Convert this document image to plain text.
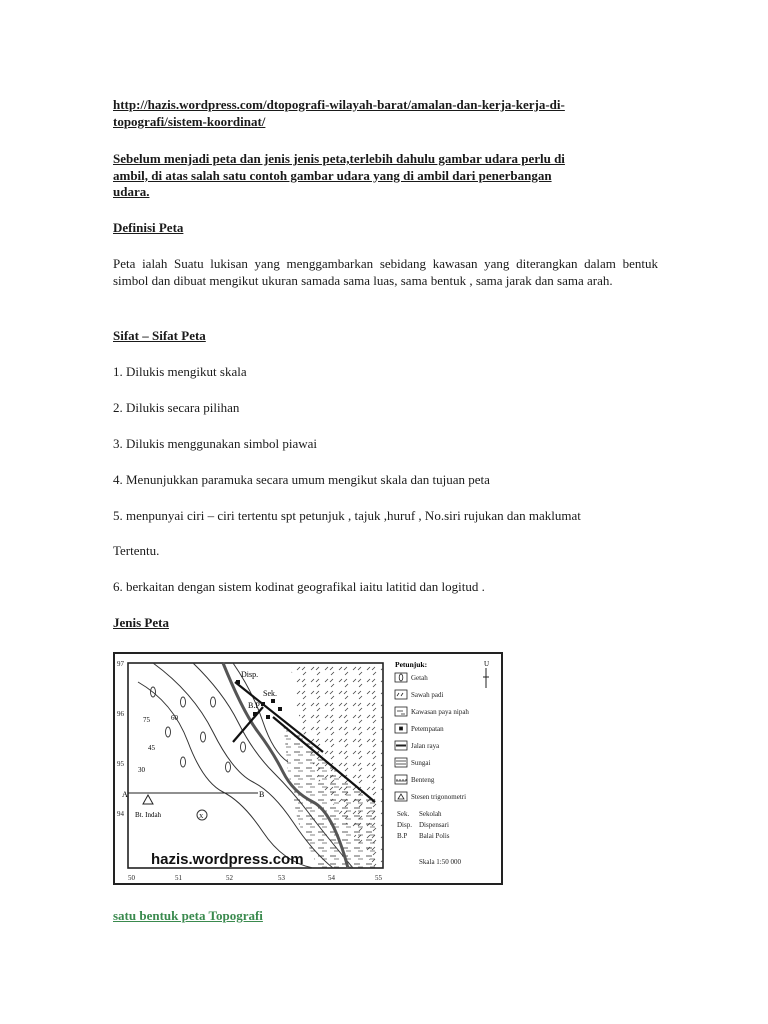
http://hazis.wordpress.com/dtopografi-wilayah-barat/amalan-dan-kerja-kerja-di-
topografi/sistem-koordinat/

Sebelum menjadi peta dan jenis jenis peta,terlebih dahulu gambar udara perlu di
ambil, di atas salah satu contoh gambar udara yang di ambil dari penerbangan
udara.

Definisi Peta

Peta ialah Suatu lukisan yang menggambarkan sebidang kawasan yang diterangkan dalam bentuk simbol dan dibuat mengikut ukuran samada sama luas, sama bentuk , sama jarak dan sama arah.

Sifat – Sifat Peta

1. Dilukis mengikut skala

2. Dilukis secara pilihan

3. Dilukis menggunakan simbol piawai

4. Menunjukkan paramuka secara umum mengikut skala dan tujuan peta

5. menpunyai ciri – ciri tertentu spt petunjuk , tajuk ,huruf , No.siri rujukan dan maklumat

Tertentu.

6. berkaitan dengan sistem kodinat geografikal iaitu latitid dan logitud .

Jenis Peta

Disp.
Sek.
B.P
A	B
Bt. Indah	X
75	60
45
30
50	51	52	53	54	55
97
96
95
94
hazis.wordpress.com
U
Petunjuk:
Getah
Sawah padi
Kawasan paya nipah
Petempatan
Jalan raya
Sungai
Benteng
Stesen trigonometri
Sek. Sekolah
Disp. Dispensari
B.P Balai Polis
Skala 1:50 000

satu bentuk peta Topografi
